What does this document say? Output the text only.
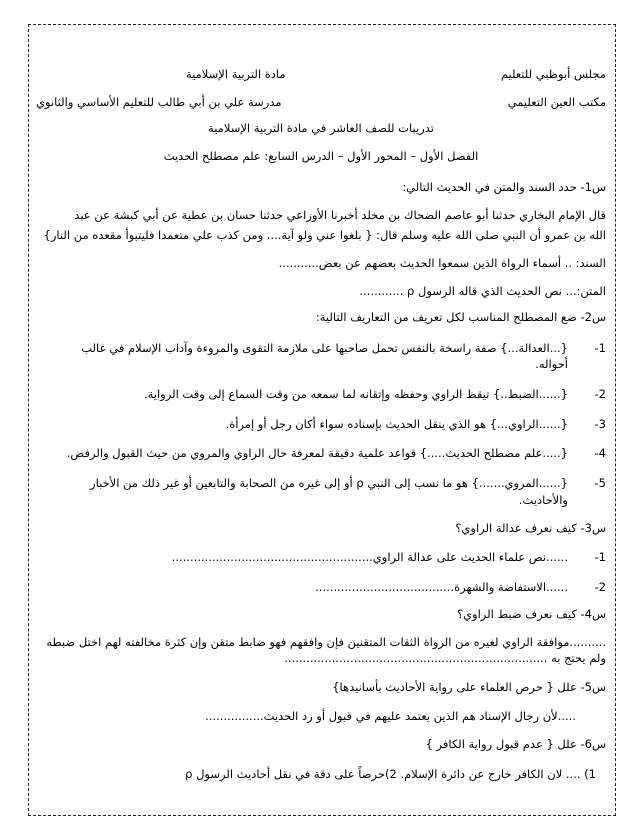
مجلس أبوظبي للتعليم
مادة التربية الإسلامية
مكتب العين التعليمي
مدرسة علي بن أبي طالب للتعليم الأساسي والثانوي
تدريبات للصف العاشر في مادة التربية الإسلامية
الفصل الأول – المحور الأول – الدرس السابع: علم مصطلح الحديث
س1- حدد السند والمتن في الحديث التالي:
قال الإمام البخاري حدثنا أبو عاصم الضحاك بن مخلد أخبرنا الأوزاعي حدثنا حسان بن عطية عن أبي كبشة عن عبد
الله بن عمرو أن النبي صلى الله عليه وسلم قال: { بلغوا عني ولو آية.... ومن كذب علي متعمدا فليتبوأ مقعده من النار}
السند: .. أسماء الرواة الذين سمعوا الحديث بعضهم عن بعض...........
المتن:... نص الحديث الذي قاله الرسول ρ ............
س2- ضع المصطلح المناسب لكل تعريف من التعاريف التالية:
1-
{...العدالة...} صفة راسخة بالنفس تحمل صاحبها على ملازمة التقوى والمروءة وآداب الإسلام في غالب
أحواله.
2-
{......الضبط..} تيقظ الراوي وحفظه وإتقانه لما سمعه من وقت السماع إلى وقت الرواية.
3-
{......الراوي...} هو الذي ينقل الحديث بإسناده سواء أكان رجل أو إمرأة.
4-
{.....علم مصطلح الحديث.....} قواعد علمية دقيقة لمعرفة حال الراوي والمروي من حيث القبول والرفض.
5-
{......المروي.......} هو ما نسب إلى النبي ρ أو إلى غيره من الصحابة والتابعين أو غير ذلك من الأخبار
والأحاديث.
س3- كيف نعرف عدالة الراوي؟
1-
......نص علماء الحديث على عدالة الراوي.......................................................
2-
......الاستفاضة والشهرة......................................
س4- كيف نعرف ضبط الراوي؟
..........موافقة الراوي لغيره من الرواة الثقات المتقنين فإن وافقهم فهو ضابط متقن وإن كثرة مخالفته لهم اختل ضبطه
ولم يحتج به ........................................................................
س5- علل { حرص العلماء على رواية الأحاديث بأسانيدها}
.....لأن رجال الإسناد هم الذين يعتمد عليهم في قبول أو رد الحديث................
س6- علل { عدم قبول رواية الكافر }
1) .... لان الكافر خارج عن دائرة الإسلام. 2)حرصاً على دقة في نقل أحاديث الرسول ρ
